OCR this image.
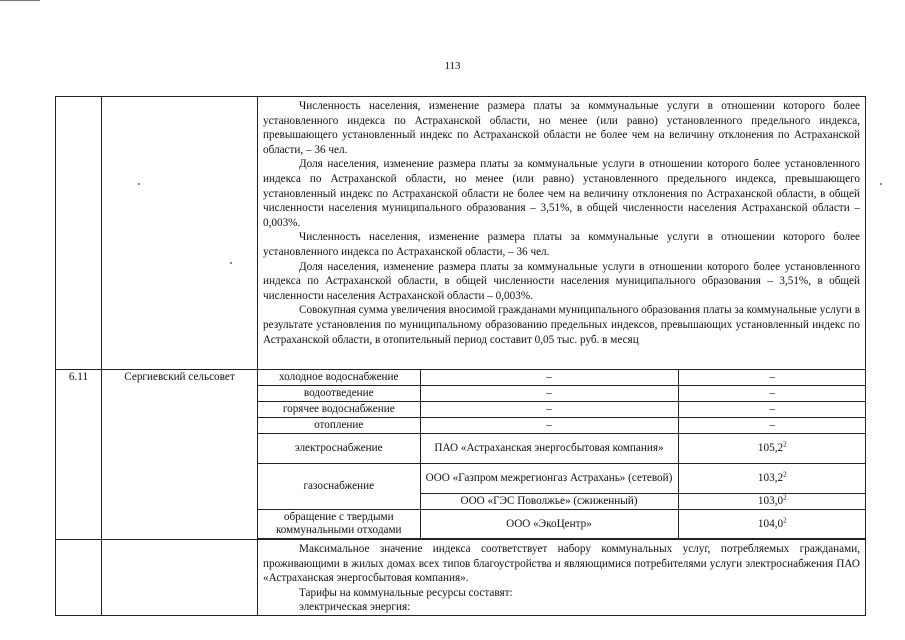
113

Численность населения, изменение размера платы за коммунальные услуги в отношении которого более установленного индекса по Астраханской области, но менее (или равно) установленного предельного индекса, превышающего установленный индекс по Астраханской области не более чем на величину отклонения по Астраханской области, – 36 чел.

Доля населения, изменение размера платы за коммунальные услуги в отношении которого более установленного индекса по Астраханской области, но менее (или равно) установленного предельного индекса, превышающего установленный индекс по Астраханской области не более чем на величину отклонения по Астраханской области, в общей численности населения муниципального образования – 3,51%, в общей численности населения Астраханской области – 0,003%.

Численность населения, изменение размера платы за коммунальные услуги в отношении которого более установленного индекса по Астраханской области, – 36 чел.

Доля населения, изменение размера платы за коммунальные услуги в отношении которого более установленного индекса по Астраханской области, в общей численности населения муниципального образования – 3,51%, в общей численности населения Астраханской области – 0,003%.

Совокупная сумма увеличения вносимой гражданами муниципального образования платы за коммунальные услуги в результате установления по муниципальному образованию предельных индексов, превышающих установленный индекс по Астраханской области, в отопительный период составит 0,05 тыс. руб. в месяц

6.11	Сергиевский сельсовет		холодное водоснабжение	–	–
водоотведение	–	–
горячее водоснабжение	–	–
отопление	–	–
электроснабжение	ПАО «Астраханская энергосбытовая компания»	105,2$^2$
газоснабжение	ООО «Газпром межрегионгаз Астрахань» (сетевой)	103,2$^2$
ООО «ГЭС Поволжье» (сжиженный)	103,0$^2$
обращение с твердыми коммунальными отходами	ООО «ЭкоЦентр»	104,0$^2$

Максимальное значение индекса соответствует набору коммунальных услуг, потребляемых гражданами, проживающими в жилых домах всех типов благоустройства и являющимися потребителями услуги электроснабжения ПАО «Астраханская энергосбытовая компания».

Тарифы на коммунальные ресурсы составят:

электрическая энергия:
